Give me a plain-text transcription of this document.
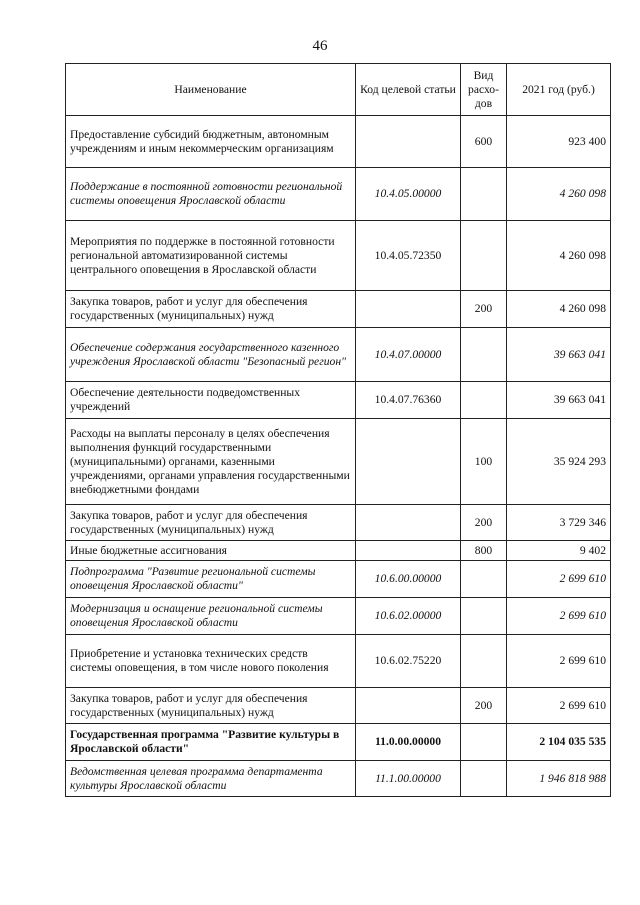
46
Наименование	Код целевой статьи	Вид расхо-дов	2021 год (руб.)
Предоставление субсидий бюджетным, автономным учреждениям и иным некоммерческим организациям		600	923 400
Поддержание в постоянной готовности региональной системы оповещения Ярославской области	10.4.05.00000		4 260 098
Мероприятия по поддержке в постоянной готовности региональной автоматизированной системы центрального оповещения в Ярославской области	10.4.05.72350		4 260 098
Закупка товаров, работ и услуг для обеспечения государственных (муниципальных) нужд		200	4 260 098
Обеспечение содержания государственного казенного учреждения Ярославской области "Безопасный регион"	10.4.07.00000		39 663 041
Обеспечение деятельности подведомственных учреждений	10.4.07.76360		39 663 041
Расходы на выплаты персоналу в целях обеспечения выполнения функций государственными (муниципальными) органами, казенными учреждениями, органами управления государственными внебюджетными фондами		100	35 924 293
Закупка товаров, работ и услуг для обеспечения государственных (муниципальных) нужд		200	3 729 346
Иные бюджетные ассигнования		800	9 402
Подпрограмма "Развитие региональной системы оповещения Ярославской области"	10.6.00.00000		2 699 610
Модернизация и оснащение региональной системы оповещения Ярославской области	10.6.02.00000		2 699 610
Приобретение и установка технических средств системы оповещения, в том числе нового поколения	10.6.02.75220		2 699 610
Закупка товаров, работ и услуг для обеспечения государственных (муниципальных) нужд		200	2 699 610
Государственная программа "Развитие культуры в Ярославской области"	11.0.00.00000		2 104 035 535
Ведомственная целевая программа департамента культуры Ярославской области	11.1.00.00000		1 946 818 988
